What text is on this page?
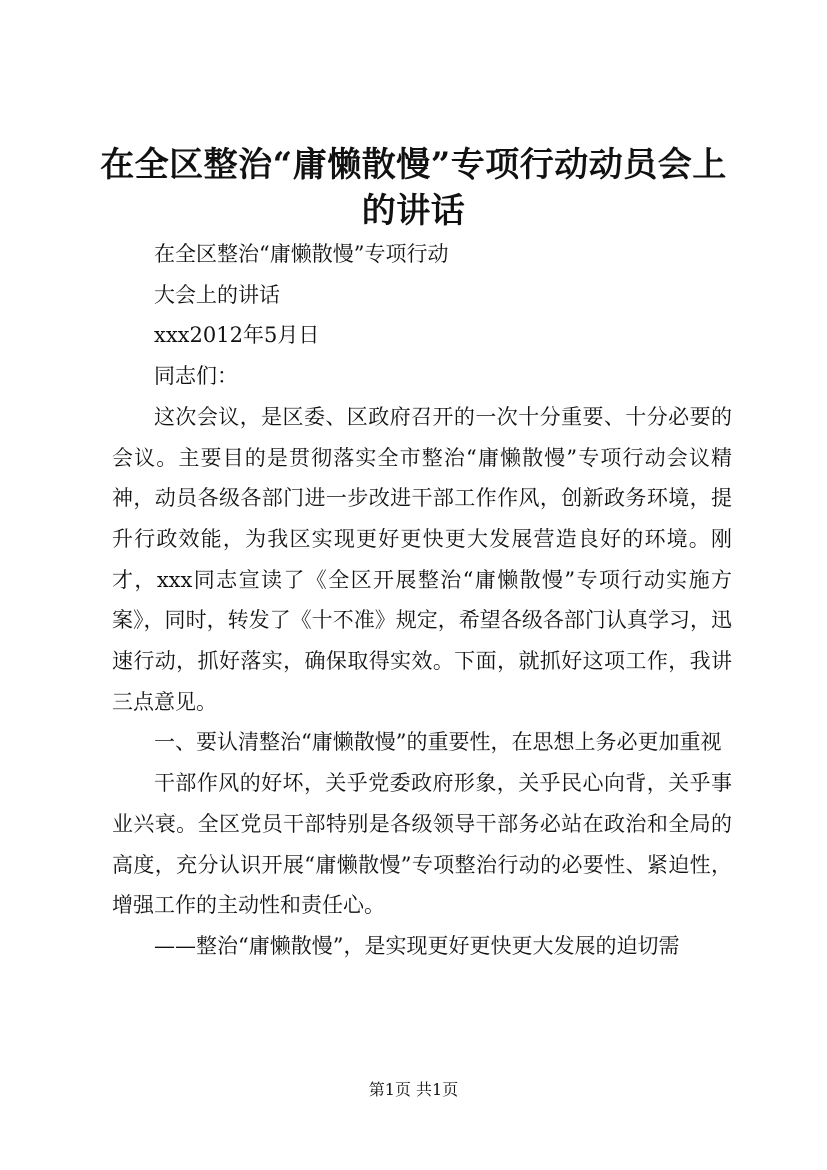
在全区整治“庸懒散慢”专项行动动员会上的讲话

在全区整治“庸懒散慢”专项行动

大会上的讲话

xxx2012年5月日

同志们：

这次会议，是区委、区政府召开的一次十分重要、十分必要的会议。主要目的是贯彻落实全市整治“庸懒散慢”专项行动会议精神，动员各级各部门进一步改进干部工作作风，创新政务环境，提升行政效能，为我区实现更好更快更大发展营造良好的环境。刚才，xxx同志宣读了《全区开展整治“庸懒散慢”专项行动实施方案》，同时，转发了《十不准》规定，希望各级各部门认真学习，迅速行动，抓好落实，确保取得实效。下面，就抓好这项工作，我讲三点意见。

一、要认清整治“庸懒散慢”的重要性，在思想上务必更加重视

干部作风的好坏，关乎党委政府形象，关乎民心向背，关乎事业兴衰。全区党员干部特别是各级领导干部务必站在政治和全局的高度，充分认识开展“庸懒散慢”专项整治行动的必要性、紧迫性，增强工作的主动性和责任心。

——整治“庸懒散慢”，是实现更好更快更大发展的迫切需

第1页 共1页
